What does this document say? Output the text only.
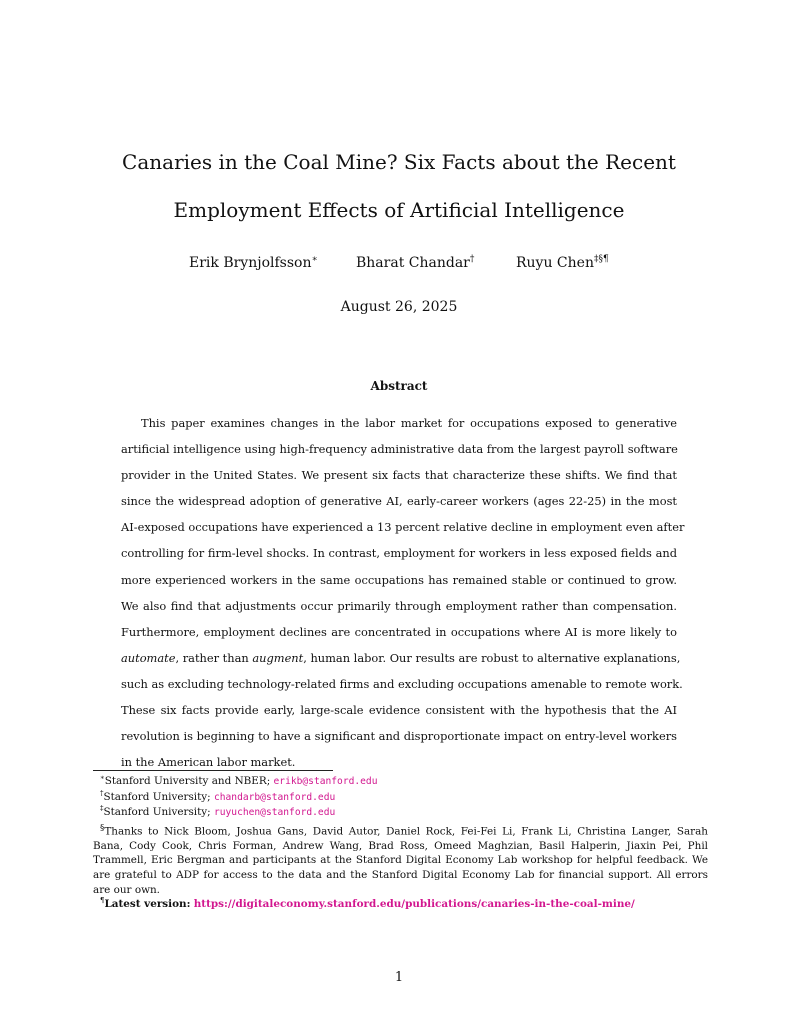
Canaries in the Coal Mine? Six Facts about the Recent
Employment Effects of Artificial Intelligence
Erik Brynjolfsson∗	Bharat Chandar†	Ruyu Chen‡§¶
August 26, 2025
Abstract
This paper examines changes in the labor market for occupations exposed to generative
artificial intelligence using high-frequency administrative data from the largest payroll software
provider in the United States. We present six facts that characterize these shifts. We find that
since the widespread adoption of generative AI, early-career workers (ages 22-25) in the most
AI-exposed occupations have experienced a 13 percent relative decline in employment even after
controlling for firm-level shocks. In contrast, employment for workers in less exposed fields and
more experienced workers in the same occupations has remained stable or continued to grow.
We also find that adjustments occur primarily through employment rather than compensation.
Furthermore, employment declines are concentrated in occupations where AI is more likely to
automate, rather than augment, human labor. Our results are robust to alternative explanations,
such as excluding technology-related firms and excluding occupations amenable to remote work.
These six facts provide early, large-scale evidence consistent with the hypothesis that the AI
revolution is beginning to have a significant and disproportionate impact on entry-level workers
in the American labor market.
∗Stanford University and NBER; erikb@stanford.edu
†Stanford University; chandarb@stanford.edu
‡Stanford University; ruyuchen@stanford.edu
§Thanks to Nick Bloom, Joshua Gans, David Autor, Daniel Rock, Fei-Fei Li, Frank Li, Christina Langer, Sarah
Bana, Cody Cook, Chris Forman, Andrew Wang, Brad Ross, Omeed Maghzian, Basil Halperin, Jiaxin Pei, Phil
Trammell, Eric Bergman and participants at the Stanford Digital Economy Lab workshop for helpful feedback. We
are grateful to ADP for access to the data and the Stanford Digital Economy Lab for financial support. All errors
are our own.
¶Latest version: https://digitaleconomy.stanford.edu/publications/canaries-in-the-coal-mine/
1
